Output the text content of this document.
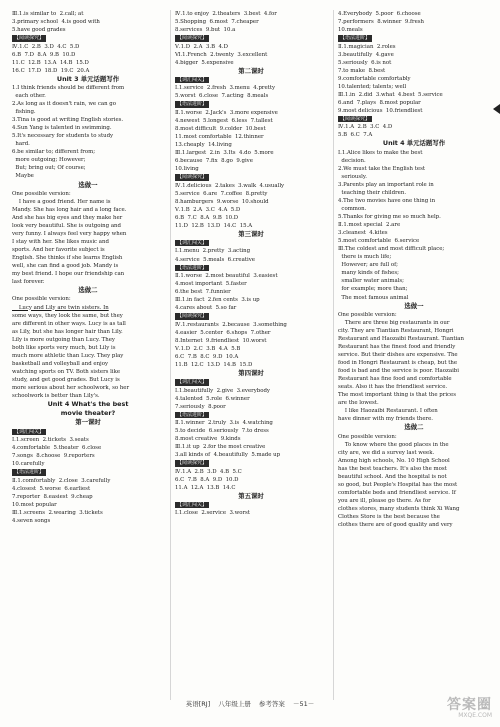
Ⅲ.1.is similar to  2.call; at
3.primary school  4.is good with
5.have good grades
【阅读探究】
Ⅳ.1.C  2.B  3.D  4.C  5.D
6.B  7.D  8.A  9.B  10.D
11.C  12.B  13.A  14.B  15.D
16.C  17.D  18.D  19.C  20.A
Unit 3 单元话题写作
1.I think friends should be different from
each other.
2.As long as it doesn't rain, we can go
fishing.
3.Tina is good at writing English stories.
4.Sun Yang is talented in swimming.
5.It's necessary for students to study
hard.
6.be similar to; different from;
more outgoing; However;
But; bring out; Of course;
Maybe
选做一
One possible version:
I have a good friend. Her name is
Mandy. She has long hair and a long face.
And she has big eyes and they make her
look very beautiful. She is outgoing and
very funny. I always feel very happy when
I stay with her. She likes music and
sports. And her favorite subject is
English. She thinks if she learns English
well, she can find a good job. Mandy is
my best friend. I hope our friendship can
last forever.
选做二
One possible version:
Lucy and Lily are twin sisters. In
some ways, they look the same, but they
are different in other ways. Lucy is as tall
as Lily, but she has longer hair than Lily.
Lily is more outgoing than Lucy. They
both like sports very much, but Lily is
much more athletic than Lucy. They play
basketball and volleyball and enjoy
watching sports on TV. Both sisters like
study, and get good grades. But Lucy is
more serious about her schoolwork, so her
schoolwork is better than Lily's.
Unit 4 What's the best
movie theater?
第一课时
【词汇闯关】
Ⅰ.1.screen  2.tickets  3.seats
4.comfortable  5.theater  6.close
7.songs  8.choose  9.reporters
10.carefully
【语法进阶】
Ⅱ.1.comfortably  2.close  3.carefully
4.closest  5.worse  6.earliest
7.reporter  8.easiest  9.cheap
10.most popular
Ⅲ.1.screens  2.wearing  3.tickets
4.seven songs
Ⅳ.1.to enjoy  2.theaters  3.best  4.for
5.Shopping  6.most  7.cheaper
8.services  9.but  10.a
【阅读探究】
Ⅴ.1.D  2.A  3.B  4.D
Ⅵ.1.French  2.twenty  3.excellent
4.bigger  5.expensive
第二课时
【词汇闯关】
Ⅰ.1.service  2.fresh  3.menu  4.pretty
5.worst  6.close  7.acting  8.meals
【语法进阶】
Ⅱ.1.worse  2.Jack's  3.more expensive
4.newest  5.longest  6.less  7.tallest
8.most difficult  9.colder  10.best
11.most comfortable  12.thinner
13.cheaply  14.living
Ⅲ.1.largest  2.in  3.Its  4.do  5.more
6.because  7.fix  8.go  9.give
10.living
【阅读探究】
Ⅳ.1.delicious  2.takes  3.walk  4.usually
5.service  6.are  7.coffee  8.pretty
8.hamburgers  9.worse  10.should
Ⅴ.1.B  2.A  3.C  4.A  5.D
6.B  7.C  8.A  9.B  10.D
11.D  12.B  13.D  14.C  15.A
第三课时
【词汇闯关】
Ⅰ.1.menu  2.pretty  3.acting
4.service  5.meals  6.creative
【语法进阶】
Ⅱ.1.worse  2.most beautiful  3.easiest
4.most important  5.faster
6.the best  7.funnier
Ⅲ.1.in fact  2.fen cents  3.is up
4.cares about  5.so far
【阅读探究】
Ⅳ.1.restaurants  2.because  3.something
4.easier  5.center  6.shops  7.other
8.Internet  9.friendliest  10.worst
Ⅴ.1.D  2.C  3.B  4.A  5.B
6.C  7.B  8.C  9.D  10.A
11.B  12.C  13.D  14.B  15.D
第四课时
【词汇闯关】
Ⅰ.1.beautifully  2.give  3.everybody
4.talented  5.role  6.winner
7.seriously  8.poor
【语法进阶】
Ⅱ.1.winner  2.truly  3.is  4.watching
5.to decide  6.seriously  7.to dress
8.most creative  9.kinds
Ⅲ.1.it up  2.for the most creative
3.all kinds of  4.beautifully  5.made up
【阅读探究】
Ⅳ.1.A  2.B  3.D  4.B  5.C
6.C  7.B  8.A  9.D  10.D
11.A  12.A  13.B  14.C
第五课时
【词汇闯关】
Ⅰ.1.close  2.service  3.worst
4.Everybody  5.poor  6.choose
7.performers  8.winner  9.fresh
10.meals
【语法进阶】
Ⅱ.1.magician  2.roles
3.beautifully  4.gave
5.seriously  6.is not
7.to make  8.best
9.comfortable comfortably
10.talented; talents; well
Ⅲ.1.in  2.did  3.what  4.best  5.service
6.and  7.plays  8.most popular
9.most delicious  10.friendliest
【阅读探究】
Ⅳ.1.A  2.B  3.C  4.D
5.B  6.C  7.A
Unit 4 单元话题写作
Ⅰ.1.Alice likes to make the best
decision.
2.We must take the English test
seriously.
3.Parents play an important role in
teaching their children.
4.The two movies have one thing in
common.
5.Thanks for giving me so much help.
Ⅱ.1.most special  2.are
3.cleanest  4.kites
5.most comfortable  6.service
Ⅲ.The coldest and most difficult place;
there is much life;
However; are full of;
many kinds of fishes;
smaller water animals;
for example; more than;
The most famous animal
选做一
One possible version:
There are three big restaurants in our
city. They are Tiantian Restaurant, Hongri
Restaurant and Haozaibi Restaurant. Tiantian
Restaurant has the finest food and friendly
service. But their dishes are expensive. The
food in Hongri Restaurant is cheap, but the
food is bad and the service is poor. Haozaibi
Restaurant has fine food and comfortable
seats. Also it has the friendliest service.
The most important thing is that the prices
are the lowest.
I like Haozaibi Restaurant. I often
have dinner with my friends there.
选做二
One possible version:
To know where the good places in the
city are, we did a survey last week.
Among high schools, No. 10 High School
has the best teachers. It's also the most
beautiful school. And the hospital is not
so good, but People's Hospital has the most
comfortable beds and friendliest service. If
you are ill, please go there. As for
clothes stores, many students think Xi Wang
Clothes Store is the best because the
clothes there are of good quality and very
英语[RJ] 八年级上册 参考答案 －51－	答案圈
MXQE.COM
